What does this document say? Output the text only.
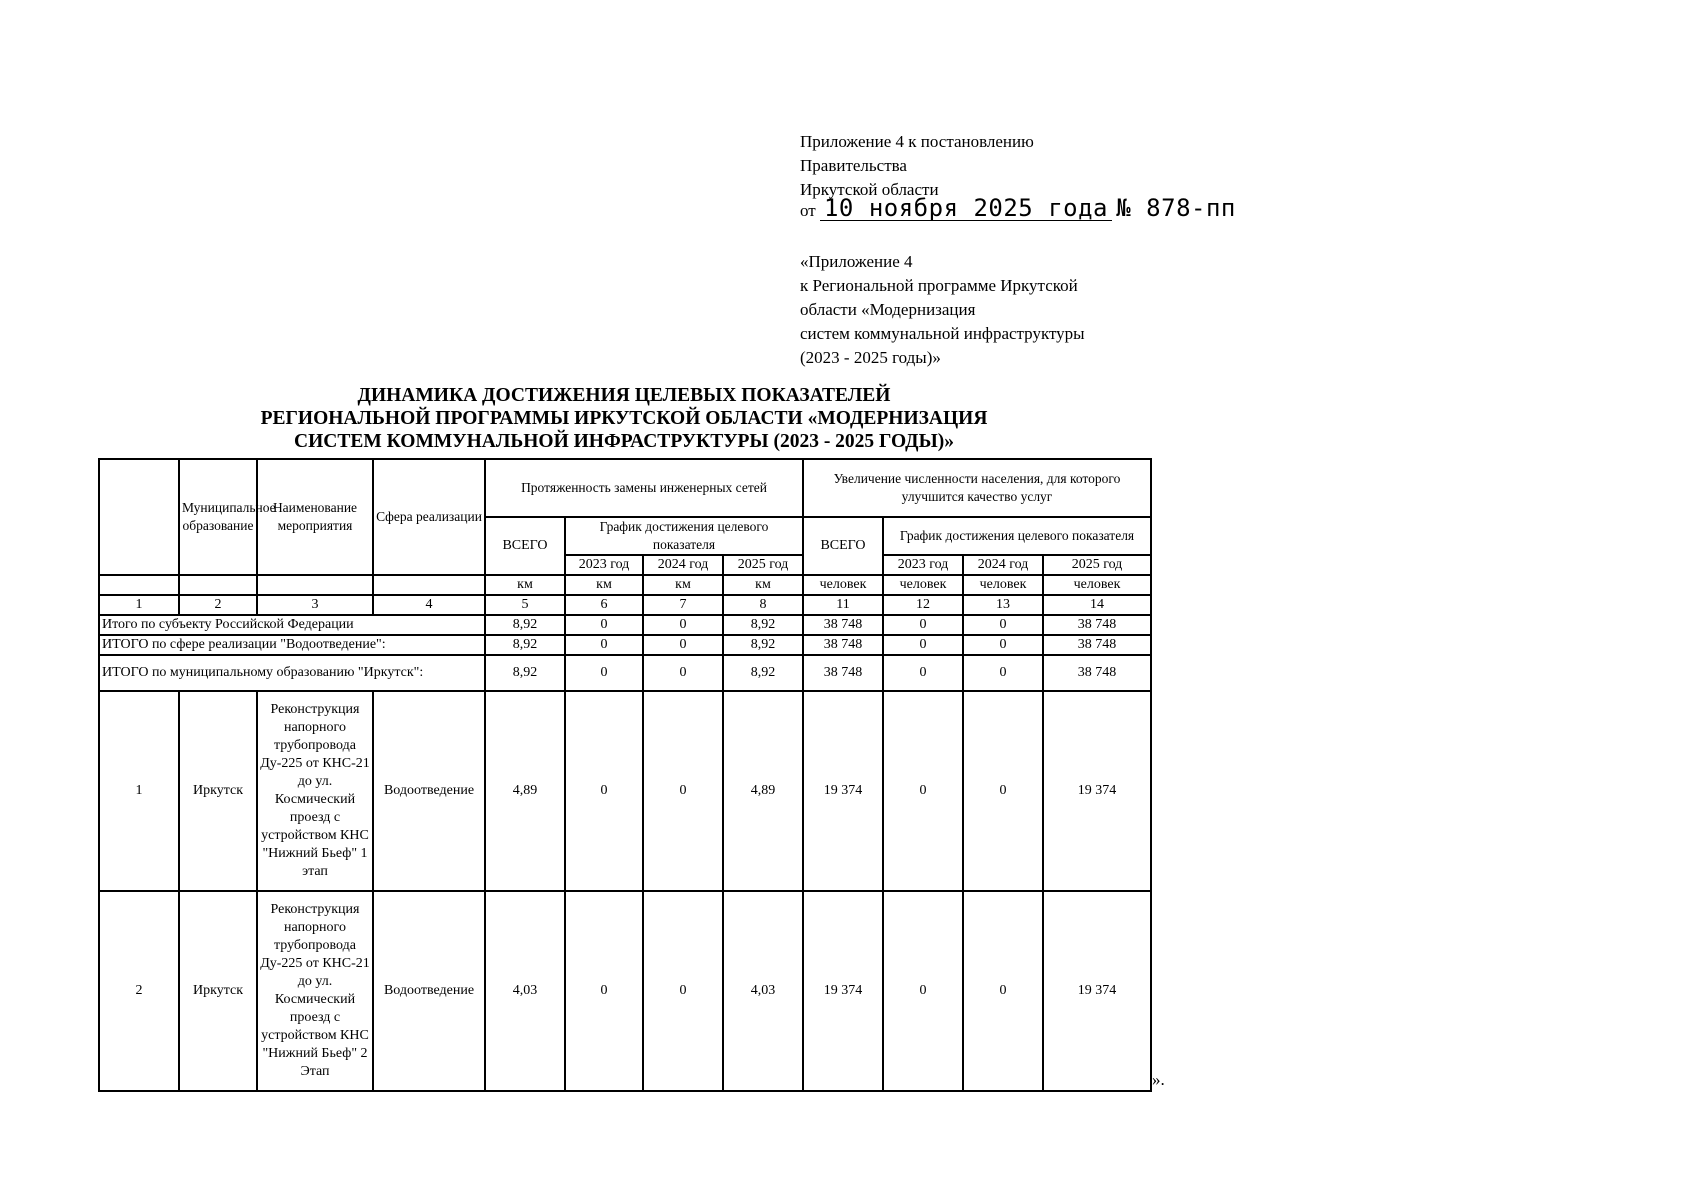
Приложение 4 к постановлению
Правительства
Иркутской области
от 10 ноября 2025 года № 878-пп
«Приложение 4
к Региональной программе Иркутской
области «Модернизация
систем коммунальной инфраструктуры
(2023 - 2025 годы)»
ДИНАМИКА ДОСТИЖЕНИЯ ЦЕЛЕВЫХ ПОКАЗАТЕЛЕЙ
РЕГИОНАЛЬНОЙ ПРОГРАММЫ ИРКУТСКОЙ ОБЛАСТИ «МОДЕРНИЗАЦИЯ
СИСТЕМ КОММУНАЛЬНОЙ ИНФРАСТРУКТУРЫ (2023 - 2025 ГОДЫ)»
	Муниципальное образование	Наименование мероприятия	Сфера реализации	Протяженность замены инженерных сетей				Увеличение численности населения, для которого улучшится качество услуг			
				ВСЕГО	График достижения целевого показателя			ВСЕГО	График достижения целевого показателя		
					2023 год	2024 год	2025 год		2023 год	2024 год	2025 год
				км	км	км	км	человек	человек	человек	человек
1	2	3	4	5	6	7	8	11	12	13	14
Итого по субъекту Российской Федерации				8,92	0	0	8,92	38 748	0	0	38 748
ИТОГО по сфере реализации "Водоотведение":				8,92	0	0	8,92	38 748	0	0	38 748
ИТОГО по муниципальному образованию "Иркутск":				8,92	0	0	8,92	38 748	0	0	38 748
1	Иркутск	Реконструкция напорного трубопровода Ду-225 от КНС-21 до ул. Космический проезд с устройством КНС "Нижний Бьеф" 1 этап	Водоотведение	4,89	0	0	4,89	19 374	0	0	19 374
2	Иркутск	Реконструкция напорного трубопровода Ду-225 от КНС-21 до ул. Космический проезд с устройством КНС "Нижний Бьеф" 2 Этап	Водоотведение	4,03	0	0	4,03	19 374	0	0	19 374
».
